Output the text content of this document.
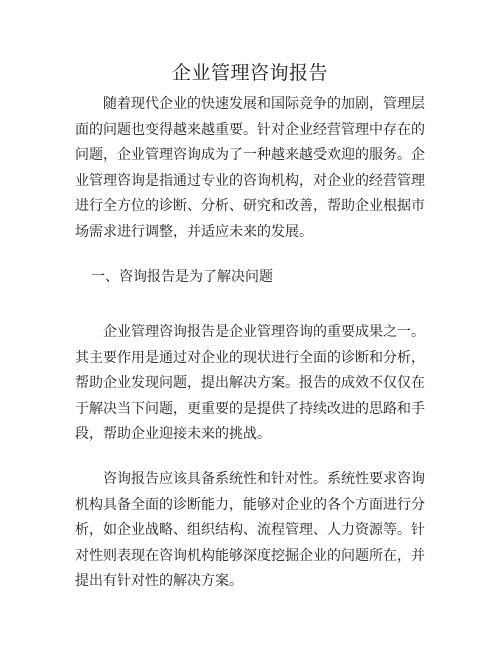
企业管理咨询报告

随着现代企业的快速发展和国际竞争的加剧，管理层面的问题也变得越来越重要。针对企业经营管理中存在的问题，企业管理咨询成为了一种越来越受欢迎的服务。企业管理咨询是指通过专业的咨询机构，对企业的经营管理进行全方位的诊断、分析、研究和改善，帮助企业根据市场需求进行调整，并适应未来的发展。

一、咨询报告是为了解决问题

企业管理咨询报告是企业管理咨询的重要成果之一。其主要作用是通过对企业的现状进行全面的诊断和分析，帮助企业发现问题，提出解决方案。报告的成效不仅仅在于解决当下问题，更重要的是提供了持续改进的思路和手段，帮助企业迎接未来的挑战。

咨询报告应该具备系统性和针对性。系统性要求咨询机构具备全面的诊断能力，能够对企业的各个方面进行分析，如企业战略、组织结构、流程管理、人力资源等。针对性则表现在咨询机构能够深度挖掘企业的问题所在，并提出有针对性的解决方案。
